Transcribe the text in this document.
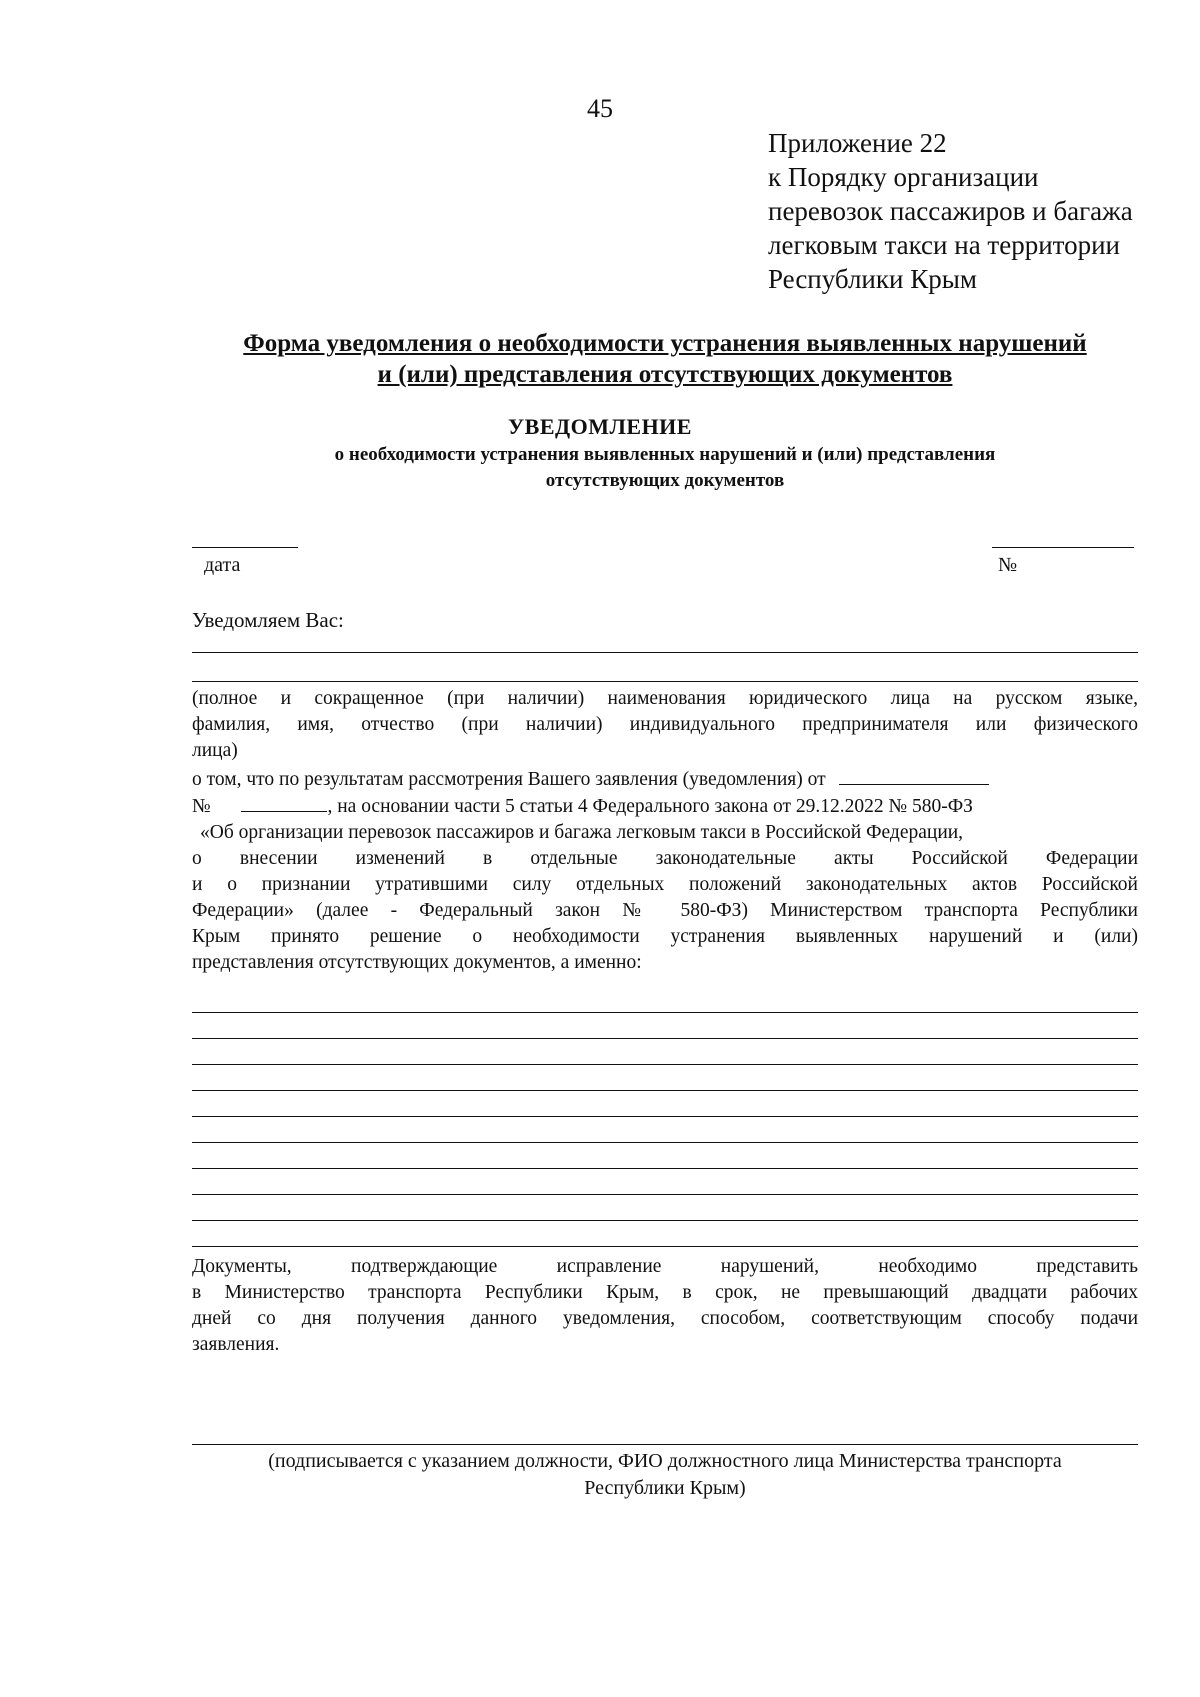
45
Приложение 22
к Порядку организации
перевозок пассажиров и багажа
легковым такси на территории
Республики Крым
Форма уведомления о необходимости устранения выявленных нарушений
и (или) представления отсутствующих документов
УВЕДОМЛЕНИЕ
о необходимости устранения выявленных нарушений и (или) представления
отсутствующих документов
дата	№
Уведомляем Вас:
(полное и сокращенное (при наличии) наименования юридического лица на русском языке,
фамилия, имя, отчество (при наличии) индивидуального предпринимателя или физического
лица)
о том, что по результатам рассмотрения Вашего заявления (уведомления) от
№	, на основании части 5 статьи 4 Федерального закона от 29.12.2022 № 580-ФЗ
«Об организации перевозок пассажиров и багажа легковым такси в Российской Федерации,
о внесении изменений в отдельные законодательные акты Российской Федерации
и о признании утратившими силу отдельных положений законодательных актов Российской
Федерации» (далее - Федеральный закон № 580-ФЗ) Министерством транспорта Республики
Крым принято решение о необходимости устранения выявленных нарушений и (или)
представления отсутствующих документов, а именно:
Документы, подтверждающие исправление нарушений, необходимо представить
в Министерство транспорта Республики Крым, в срок, не превышающий двадцати рабочих
дней со дня получения данного уведомления, способом, соответствующим способу подачи
заявления.
(подписывается с указанием должности, ФИО должностного лица Министерства транспорта
Республики Крым)
